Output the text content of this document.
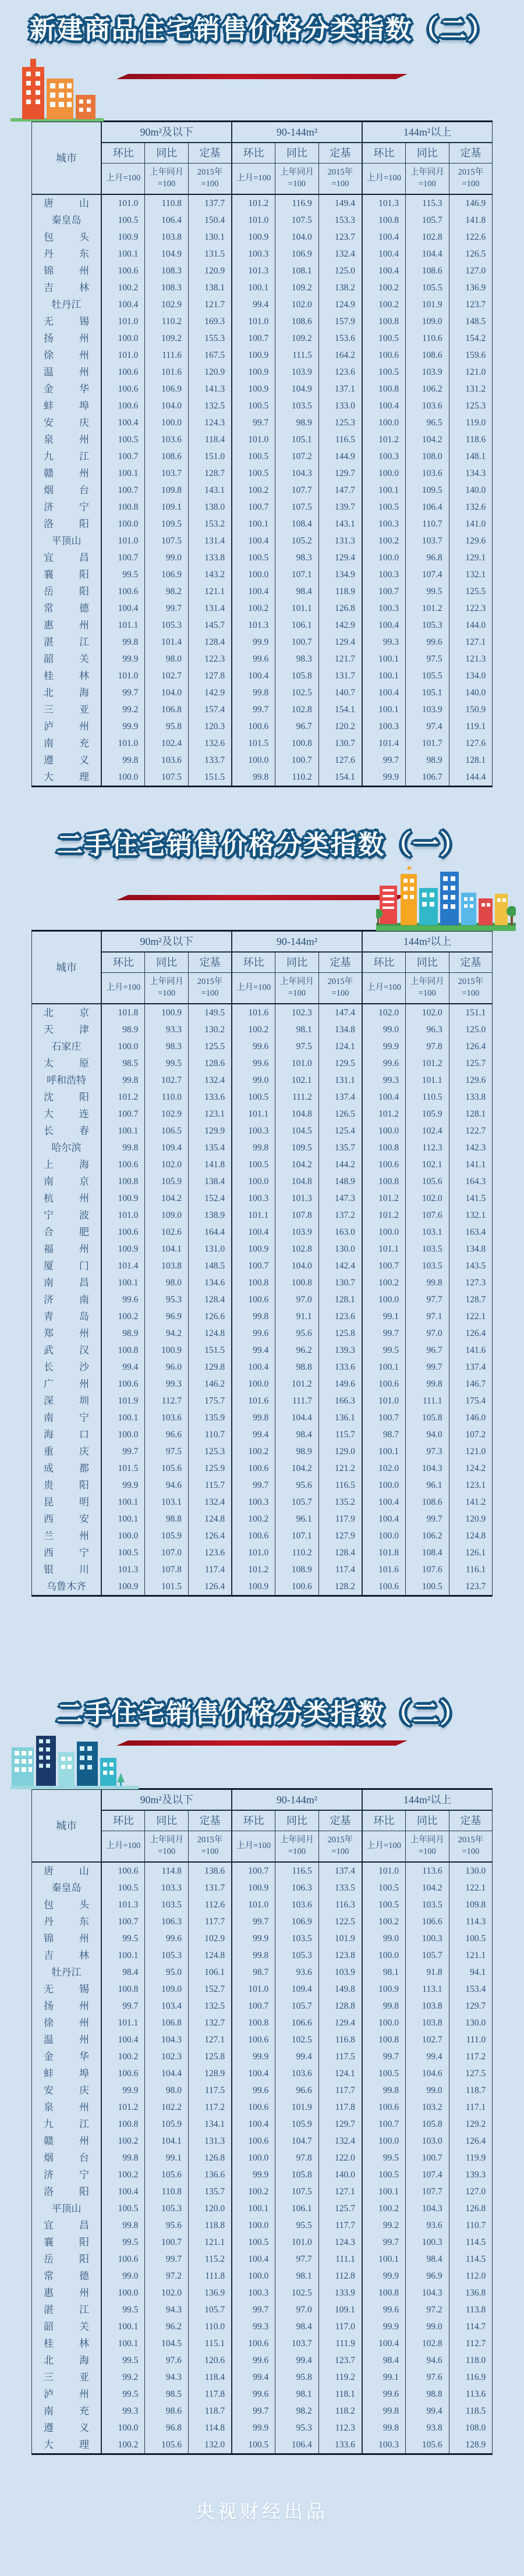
新建商品住宅销售价格分类指数（二）
城市	90m²及以下			90-144m²			144m²以上		
	环比	同比	定基	环比	同比	定基	环比	同比	定基
	上月=100	上年同月=100	2015年=100	上月=100	上年同月=100	2015年=100	上月=100	上年同月=100	2015年=100
唐山	101.0	110.8	137.7	101.2	116.9	149.4	101.3	115.3	146.9
秦皇岛	100.5	106.4	150.4	101.0	107.5	153.3	100.8	105.7	141.8
包头	100.9	103.8	130.1	100.9	104.0	123.7	100.4	102.8	122.6
丹东	100.1	104.9	131.5	100.3	106.9	132.4	100.4	104.4	126.5
锦州	100.6	108.3	120.9	101.3	108.1	125.0	100.4	108.6	127.0
吉林	100.2	108.3	138.1	100.1	109.2	138.2	100.2	105.5	136.9
牡丹江	100.4	102.9	121.7	99.4	102.0	124.9	100.2	101.9	123.7
无锡	101.0	110.2	169.3	101.0	108.6	157.9	100.8	109.0	148.5
扬州	100.0	109.2	155.3	100.7	109.2	153.6	100.5	110.6	154.2
徐州	101.0	111.6	167.5	100.9	111.5	164.2	100.6	108.6	159.6
温州	100.6	101.6	120.9	100.9	103.9	123.6	100.5	103.9	121.0
金华	100.6	106.9	141.3	100.9	104.9	137.1	100.8	106.2	131.2
蚌埠	100.6	104.0	132.5	100.5	103.5	133.0	100.4	103.6	125.3
安庆	100.4	100.0	124.3	99.7	98.9	125.3	100.0	96.5	119.0
泉州	100.5	103.6	118.4	101.0	105.1	116.5	101.2	104.2	118.6
九江	100.7	108.6	151.0	100.5	107.2	144.9	100.3	108.0	148.1
赣州	100.1	103.7	128.7	100.5	104.3	129.7	100.0	103.6	134.3
烟台	100.7	109.8	143.1	100.2	107.7	147.7	100.1	109.5	140.0
济宁	100.8	109.1	138.0	100.7	107.5	139.7	100.5	106.4	132.6
洛阳	100.0	109.5	153.2	100.1	108.4	143.1	100.3	110.7	141.0
平顶山	101.0	107.5	131.4	100.4	105.2	131.3	100.2	103.7	129.6
宜昌	100.7	99.0	133.8	100.5	98.3	129.4	100.0	96.8	129.1
襄阳	99.5	106.9	143.2	100.0	107.1	134.9	100.3	107.4	132.1
岳阳	100.6	98.2	121.1	100.4	98.4	118.9	100.7	99.5	125.5
常德	100.4	99.7	131.4	100.2	101.1	126.8	100.3	101.2	122.3
惠州	101.1	105.3	145.7	101.3	106.1	142.9	100.4	105.3	144.0
湛江	99.8	101.4	128.4	99.9	100.7	129.4	99.3	99.6	127.1
韶关	99.9	98.0	122.3	99.6	98.3	121.7	100.1	97.5	121.3
桂林	101.0	102.7	127.8	100.4	105.8	131.7	100.1	105.5	134.0
北海	99.7	104.0	142.9	99.8	102.5	140.7	100.4	105.1	140.0
三亚	99.2	106.8	157.4	99.7	102.8	154.1	100.1	103.9	150.9
泸州	99.9	95.8	120.3	100.6	96.7	120.2	100.3	97.4	119.1
南充	101.0	102.4	132.6	101.5	100.8	130.7	101.4	101.7	127.6
遵义	99.8	103.6	133.7	100.0	100.7	127.6	99.7	98.9	128.1
大理	100.0	107.5	151.5	99.8	110.2	154.1	99.9	106.7	144.4
二手住宅销售价格分类指数（一）
城市	90m²及以下			90-144m²			144m²以上		
	环比	同比	定基	环比	同比	定基	环比	同比	定基
	上月=100	上年同月=100	2015年=100	上月=100	上年同月=100	2015年=100	上月=100	上年同月=100	2015年=100
北京	101.8	100.9	149.5	101.6	102.3	147.4	102.0	102.0	151.1
天津	98.9	93.3	130.2	100.2	98.1	134.8	99.0	96.3	125.0
石家庄	100.0	98.3	125.5	99.6	97.5	124.1	99.9	97.8	126.4
太原	98.5	99.5	128.6	99.6	101.0	129.5	99.6	101.2	125.7
呼和浩特	99.8	102.7	132.4	99.0	102.1	131.1	99.3	101.1	129.6
沈阳	101.2	110.0	133.6	100.5	111.2	137.4	100.4	110.5	133.8
大连	100.7	102.9	123.1	101.1	104.8	126.5	101.2	105.9	128.1
长春	100.1	106.5	129.9	100.3	104.5	125.4	100.0	102.4	122.7
哈尔滨	99.8	109.4	135.4	99.8	109.5	135.7	100.8	112.3	142.3
上海	100.6	102.0	141.8	100.5	104.2	144.2	100.6	102.1	141.1
南京	100.8	105.9	138.4	100.0	104.8	148.9	100.8	105.6	164.3
杭州	100.9	104.2	152.4	100.3	101.3	147.3	101.2	102.0	141.5
宁波	101.0	109.0	138.9	101.1	107.8	137.2	101.2	107.6	132.1
合肥	100.6	102.6	164.4	100.4	103.9	163.0	100.0	103.1	163.4
福州	100.9	104.1	131.0	100.9	102.8	130.0	101.1	103.5	134.8
厦门	101.4	103.8	148.5	100.7	104.0	142.4	100.7	103.5	143.5
南昌	100.1	98.0	134.6	100.8	100.8	130.7	100.2	99.8	127.3
济南	99.6	95.3	128.4	100.6	97.0	128.1	100.0	97.7	128.7
青岛	100.2	96.9	126.6	99.8	91.1	123.6	99.1	97.1	122.1
郑州	98.9	94.2	124.8	99.6	95.6	125.8	99.7	97.0	126.4
武汉	100.8	100.9	151.5	99.4	96.2	139.3	99.5	96.7	141.6
长沙	99.4	96.0	129.8	100.4	98.8	133.6	100.1	99.7	137.4
广州	100.6	99.3	146.2	100.0	101.2	149.6	100.6	99.8	146.7
深圳	101.9	112.7	175.7	101.6	111.7	166.3	101.0	111.1	175.4
南宁	100.1	103.6	135.9	99.8	104.4	136.1	100.7	105.8	146.0
海口	100.0	96.6	110.7	99.4	98.4	115.7	98.7	94.0	107.2
重庆	99.7	97.5	125.3	100.2	98.9	129.0	100.1	97.3	121.0
成都	101.5	105.6	125.9	100.6	104.2	121.2	102.0	104.3	124.2
贵阳	99.9	94.6	115.7	99.7	95.6	116.5	100.0	96.1	123.1
昆明	100.1	103.1	132.4	100.3	105.7	135.2	100.4	108.6	141.2
西安	100.1	98.8	124.8	100.2	96.1	117.9	100.4	99.7	120.9
兰州	100.0	105.9	126.4	100.6	107.1	127.9	100.0	106.2	124.8
西宁	100.5	107.0	123.6	101.0	110.2	128.4	101.8	108.4	126.1
银川	101.3	107.8	117.4	101.2	108.9	117.4	101.6	107.6	116.1
乌鲁木齐	100.9	101.5	126.4	100.9	100.6	128.2	100.6	100.5	123.7
二手住宅销售价格分类指数（二）
城市	90m²及以下			90-144m²			144m²以上		
	环比	同比	定基	环比	同比	定基	环比	同比	定基
	上月=100	上年同月=100	2015年=100	上月=100	上年同月=100	2015年=100	上月=100	上年同月=100	2015年=100
唐山	100.6	114.8	138.6	100.7	116.5	137.4	101.0	113.6	130.0
秦皇岛	100.5	103.3	131.7	100.9	106.3	133.5	100.5	104.2	122.1
包头	101.3	103.5	112.6	101.0	103.6	116.3	100.5	103.5	109.8
丹东	100.7	106.3	117.7	99.7	106.9	122.5	100.2	106.6	114.3
锦州	99.5	99.6	102.9	99.9	103.5	101.9	99.0	100.3	100.5
吉林	100.1	105.3	124.8	99.8	105.3	123.8	100.0	105.7	121.1
牡丹江	98.4	95.0	106.1	98.7	93.6	103.9	98.1	91.8	94.1
无锡	100.8	109.0	152.7	101.0	109.4	149.8	100.9	113.1	153.4
扬州	99.7	103.4	132.5	100.7	105.7	128.8	99.8	103.8	129.7
徐州	101.1	106.8	132.7	100.8	106.6	129.4	100.0	103.8	130.0
温州	100.4	104.3	127.1	100.6	102.5	116.8	100.8	102.7	111.0
金华	100.2	102.3	125.8	99.9	99.4	117.5	99.7	99.4	117.2
蚌埠	100.6	104.4	128.9	100.4	103.6	124.1	100.5	104.6	127.5
安庆	99.9	98.0	117.5	99.6	96.6	117.7	99.8	99.0	118.7
泉州	101.2	102.2	117.2	100.6	101.9	117.8	100.6	103.2	117.1
九江	100.8	105.9	134.1	100.4	105.9	129.7	100.7	105.8	129.2
赣州	100.2	104.1	131.3	100.6	104.7	132.4	100.0	103.0	126.4
烟台	99.8	99.1	126.8	100.0	97.8	122.0	99.5	100.7	119.9
济宁	100.2	105.6	136.6	99.9	105.8	140.0	100.5	107.4	139.3
洛阳	100.4	110.8	135.7	100.2	107.5	127.1	100.1	107.7	127.0
平顶山	100.5	105.3	120.0	100.1	106.1	125.7	100.2	104.3	126.8
宜昌	99.8	95.6	118.8	100.0	95.5	117.7	99.2	93.6	110.7
襄阳	99.5	100.7	121.1	100.5	101.0	124.3	99.7	100.3	114.5
岳阳	100.6	99.7	115.2	100.4	97.7	111.1	100.1	98.4	114.5
常德	99.0	97.2	111.8	100.0	98.1	112.8	99.9	96.9	112.0
惠州	100.0	102.0	136.9	100.3	102.5	133.9	100.8	104.3	136.8
湛江	99.5	94.3	105.7	99.7	97.0	109.1	99.6	97.2	113.8
韶关	100.1	96.2	110.0	99.3	98.4	117.0	99.9	99.0	114.7
桂林	100.1	104.5	115.1	100.6	103.7	111.9	100.4	102.8	112.7
北海	99.5	97.6	120.6	99.6	99.4	123.7	98.4	94.6	118.0
三亚	99.2	94.3	118.4	99.4	95.8	119.2	99.1	97.6	116.9
泸州	99.5	98.5	117.8	99.6	98.1	118.1	99.6	98.8	113.6
南充	99.3	98.6	118.7	99.7	98.2	118.2	99.8	99.4	118.5
遵义	100.0	96.8	114.8	99.9	95.3	112.3	99.8	93.8	108.0
大理	100.2	105.6	132.0	100.5	106.4	133.6	100.3	105.6	128.9
央视财经出品
